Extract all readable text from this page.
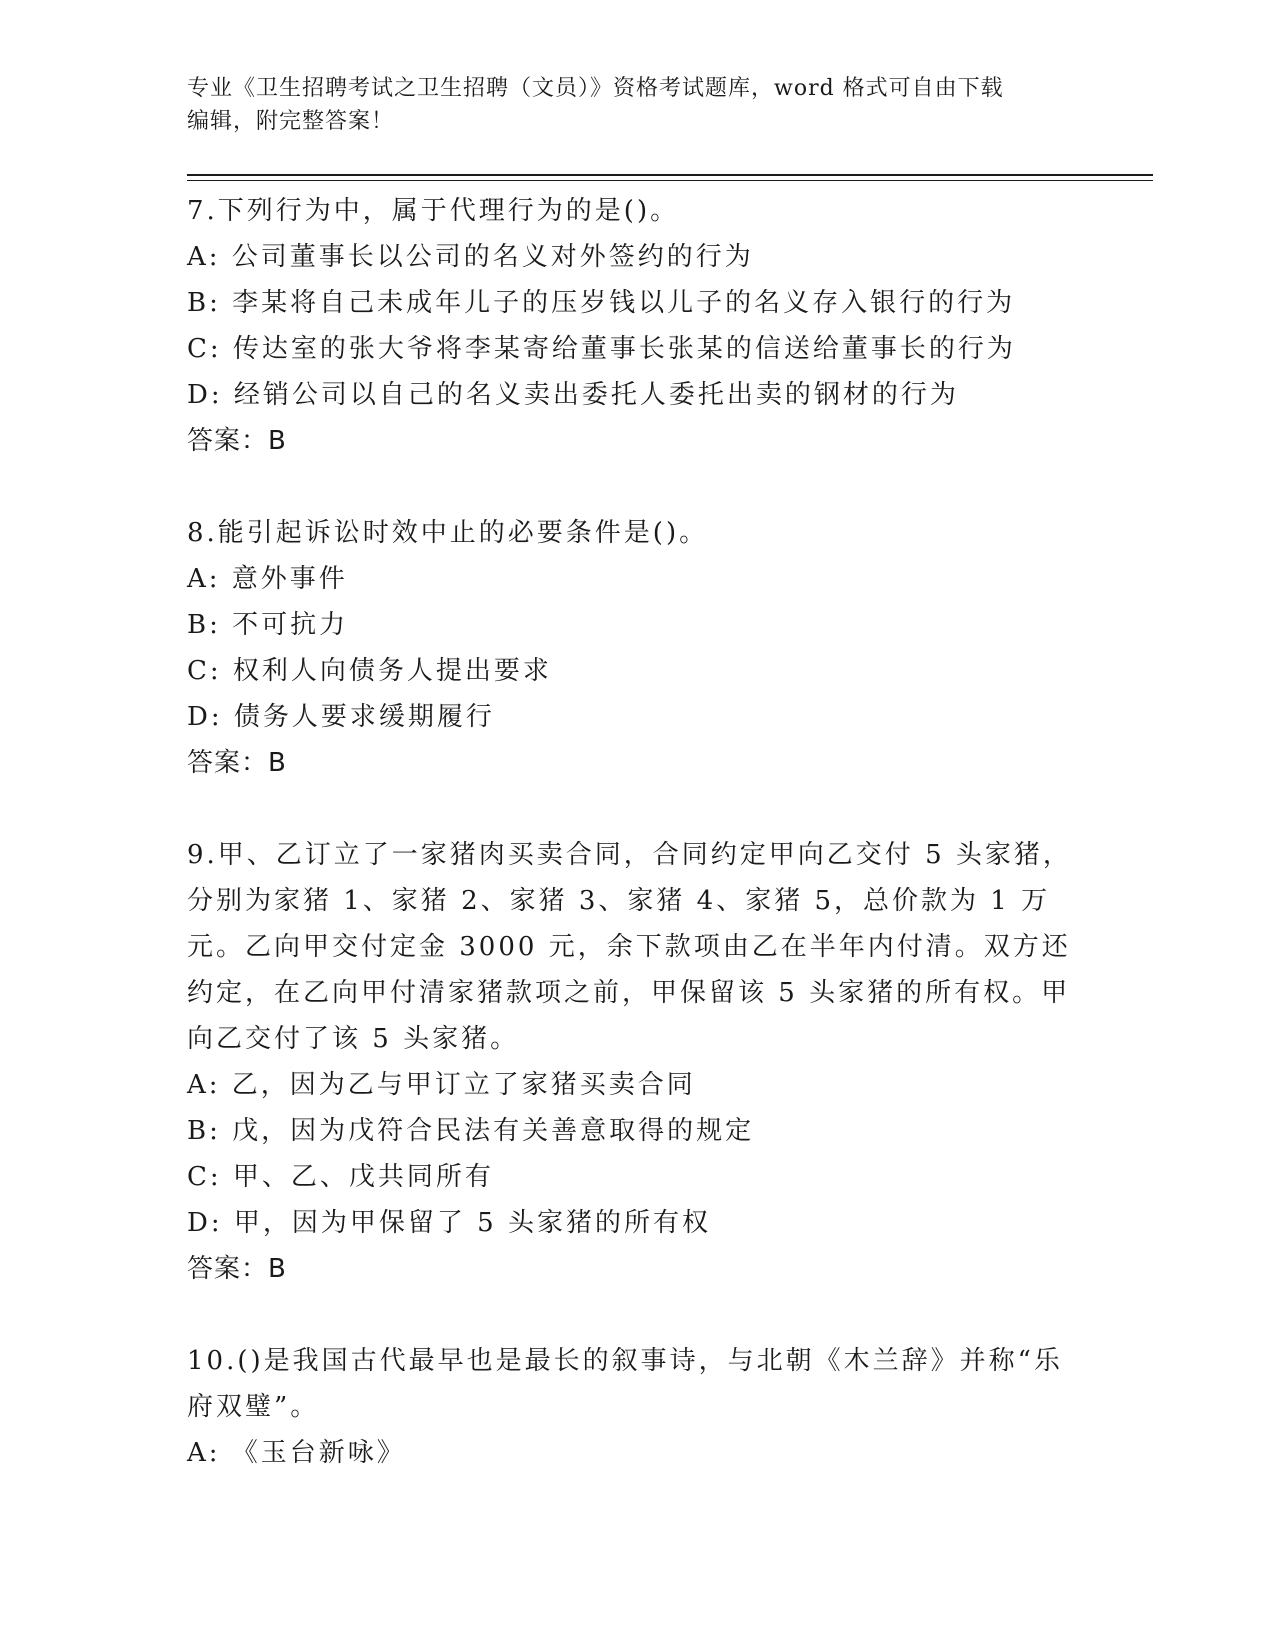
专业《卫生招聘考试之卫生招聘（文员）》资格考试题库，word 格式可自由下载
编辑，附完整答案！

7.下列行为中，属于代理行为的是()。

A: 公司董事长以公司的名义对外签约的行为

B: 李某将自己未成年儿子的压岁钱以儿子的名义存入银行的行为

C: 传达室的张大爷将李某寄给董事长张某的信送给董事长的行为

D: 经销公司以自己的名义卖出委托人委托出卖的钢材的行为

答案：B

8.能引起诉讼时效中止的必要条件是()。

A: 意外事件

B: 不可抗力

C: 权利人向债务人提出要求

D: 债务人要求缓期履行

答案：B

9.甲、乙订立了一家猪肉买卖合同，合同约定甲向乙交付 5 头家猪，分别为家猪 1、家猪 2、家猪 3、家猪 4、家猪 5，总价款为 1 万元。乙向甲交付定金 3000 元，余下款项由乙在半年内付清。双方还约定，在乙向甲付清家猪款项之前，甲保留该 5 头家猪的所有权。甲向乙交付了该 5 头家猪。

A: 乙，因为乙与甲订立了家猪买卖合同

B: 戊，因为戊符合民法有关善意取得的规定

C: 甲、乙、戊共同所有

D: 甲，因为甲保留了 5 头家猪的所有权

答案：B

10.()是我国古代最早也是最长的叙事诗，与北朝《木兰辞》并称“乐府双璧”。

A: 《玉台新咏》
